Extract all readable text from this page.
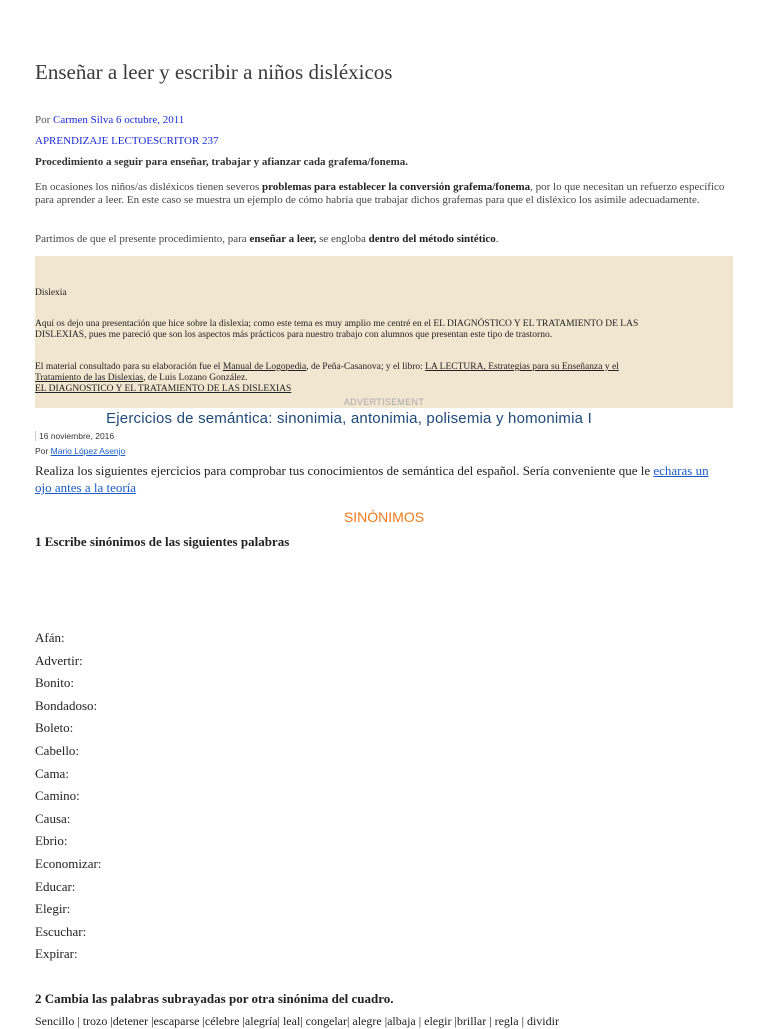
Enseñar a leer y escribir a niños disléxicos
Por Carmen Silva 6 octubre, 2011
APRENDIZAJE LECTOESCRITOR 237
Procedimiento a seguir para enseñar, trabajar y afianzar cada grafema/fonema.
En ocasiones los niños/as disléxicos tienen severos problemas para establecer la conversión grafema/fonema, por lo que necesitan un refuerzo específico para aprender a leer. En este caso se muestra un ejemplo de cómo habría que trabajar dichos grafemas para que el disléxico los asimile adecuadamente.
Partimos de que el presente procedimiento, para enseñar a leer, se engloba dentro del método sintético.
Dislexia
Aquí os dejo una presentación que hice sobre la dislexia; como este tema es muy amplio me centré en el EL DIAGNÓSTICO Y EL TRATAMIENTO DE LAS
DISLEXIAS, pues me pareció que son los aspectos más prácticos para nuestro trabajo con alumnos que presentan este tipo de trastorno.
El material consultado para su elaboración fue el Manual de Logopedia, de Peña-Casanova; y el libro: LA LECTURA, Estrategias para su Enseñanza y el
Tratamiento de las Dislexias, de Luis Lozano González.
EL DIAGNOSTICO Y EL TRATAMIENTO DE LAS DISLEXIAS
ADVERTISEMENT
Ejercicios de semántica: sinonimia, antonimia, polisemia y homonimia I
16 noviembre, 2016
Por Mario López Asenjo
Realiza los siguientes ejercicios para comprobar tus conocimientos de semántica del español. Sería conveniente que le echaras un ojo antes a la teoría
SINÓNIMOS
1 Escribe sinónimos de las siguientes palabras
Afán:
Advertir:
Bonito:
Bondadoso:
Boleto:
Cabello:
Cama:
Camino:
Causa:
Ebrio:
Economizar:
Educar:
Elegir:
Escuchar:
Expirar:
2 Cambia las palabras subrayadas por otra sinónima del cuadro.
Sencillo | trozo |detener |escaparse |célebre |alegría| leal| congelar| alegre |albaja | elegir |brillar | regla | dividir
